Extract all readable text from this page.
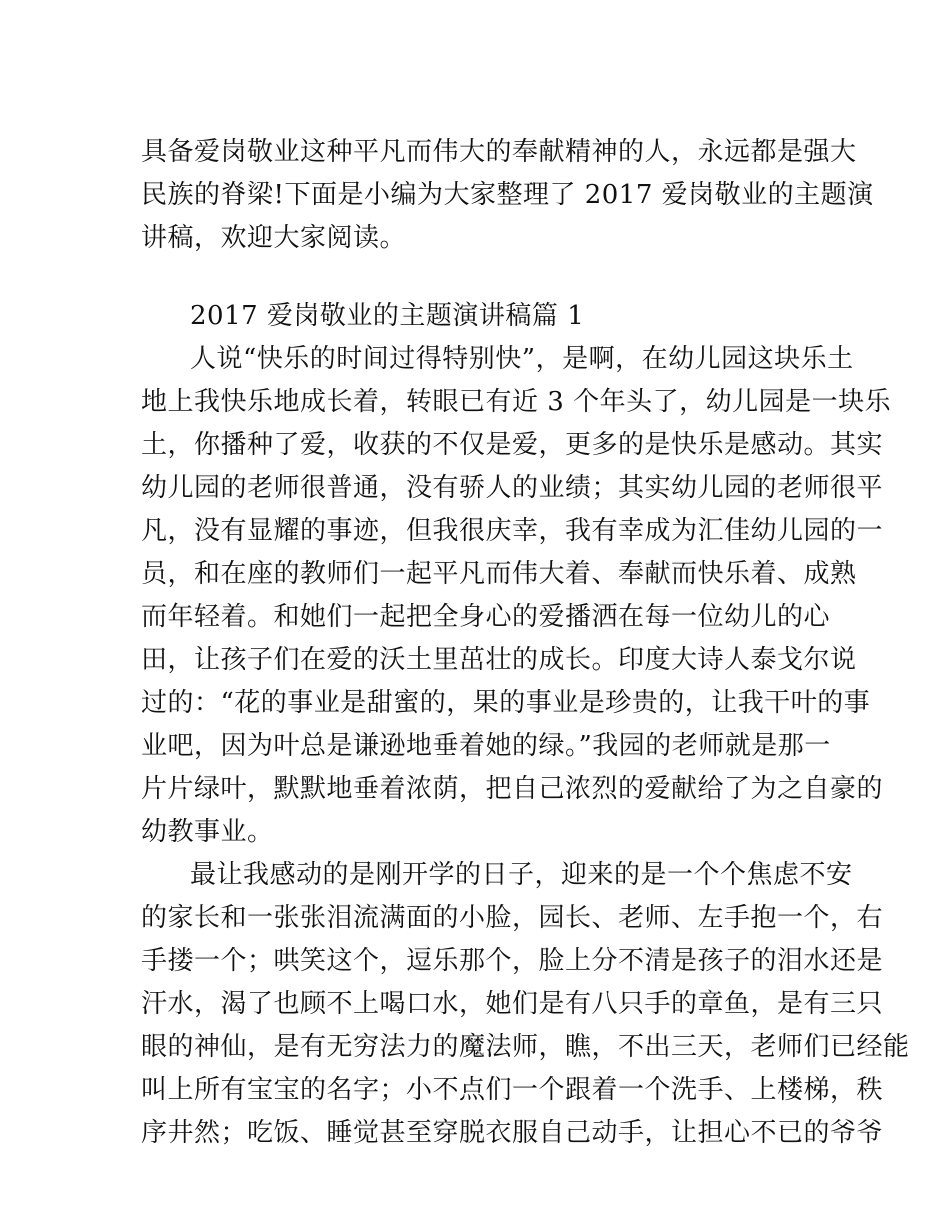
具备爱岗敬业这种平凡而伟大的奉献精神的人，永远都是强大
民族的脊梁!下面是小编为大家整理了 2017 爱岗敬业的主题演
讲稿，欢迎大家阅读。
2017 爱岗敬业的主题演讲稿篇 1
人说“快乐的时间过得特别快”，是啊，在幼儿园这块乐土
地上我快乐地成长着，转眼已有近 3 个年头了，幼儿园是一块乐
土，你播种了爱，收获的不仅是爱，更多的是快乐是感动。其实
幼儿园的老师很普通，没有骄人的业绩；其实幼儿园的老师很平
凡，没有显耀的事迹，但我很庆幸，我有幸成为汇佳幼儿园的一
员，和在座的教师们一起平凡而伟大着、奉献而快乐着、成熟
而年轻着。和她们一起把全身心的爱播洒在每一位幼儿的心
田，让孩子们在爱的沃土里茁壮的成长。印度大诗人泰戈尔说
过的：“花的事业是甜蜜的，果的事业是珍贵的，让我干叶的事
业吧，因为叶总是谦逊地垂着她的绿。”我园的老师就是那一
片片绿叶，默默地垂着浓荫，把自己浓烈的爱献给了为之自豪的
幼教事业。
最让我感动的是刚开学的日子，迎来的是一个个焦虑不安
的家长和一张张泪流满面的小脸，园长、老师、左手抱一个，右
手搂一个；哄笑这个，逗乐那个，脸上分不清是孩子的泪水还是
汗水，渴了也顾不上喝口水，她们是有八只手的章鱼，是有三只
眼的神仙，是有无穷法力的魔法师，瞧，不出三天，老师们已经能
叫上所有宝宝的名字；小不点们一个跟着一个洗手、上楼梯，秩
序井然；吃饭、睡觉甚至穿脱衣服自己动手，让担心不已的爷爷
